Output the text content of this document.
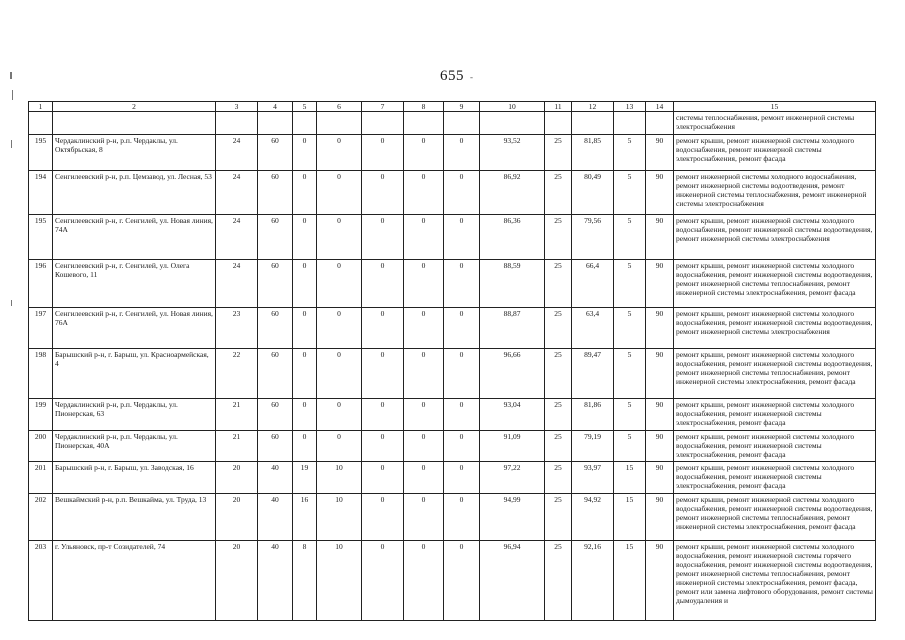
655 -
1	2	3	4	5	6	7	8	9	10	11	12	13	14	15
														системы теплоснабжения, ремонт инженерной системы электроснабжения
195	Чердаклинский р-н, р.п. Чердаклы, ул. Октябрьская, 8	24	60	0	0	0	0	0	93,52	25	81,85	5	90	ремонт крыши, ремонт инженерной системы холодного водоснабжения, ремонт инженерной системы электроснабжения, ремонт фасада
194	Сенгилеевский р-н, р.п. Цемзавод, ул. Лесная, 53	24	60	0	0	0	0	0	86,92	25	80,49	5	90	ремонт инженерной системы холодного водоснабжения, ремонт инженерной системы водоотведения, ремонт инженерной системы теплоснабжения, ремонт инженерной системы электроснабжения
195	Сенгилеевский р-н, г. Сенгилей, ул. Новая линия, 74А	24	60	0	0	0	0	0	86,36	25	79,56	5	90	ремонт крыши, ремонт инженерной системы холодного водоснабжения, ремонт инженерной системы водоотведения, ремонт инженерной системы электроснабжения
196	Сенгилеевский р-н, г. Сенгилей, ул. Олега Кошевого, 11	24	60	0	0	0	0	0	88,59	25	66,4	5	90	ремонт крыши, ремонт инженерной системы холодного водоснабжения, ремонт инженерной системы водоотведения, ремонт инженерной системы теплоснабжения, ремонт инженерной системы электроснабжения, ремонт фасада
197	Сенгилеевский р-н, г. Сенгилей, ул. Новая линия, 76А	23	60	0	0	0	0	0	88,87	25	63,4	5	90	ремонт крыши, ремонт инженерной системы холодного водоснабжения, ремонт инженерной системы водоотведения, ремонт инженерной системы электроснабжения
198	Барышский р-н, г. Барыш, ул. Красноармейская, 4	22	60	0	0	0	0	0	96,66	25	89,47	5	90	ремонт крыши, ремонт инженерной системы холодного водоснабжения, ремонт инженерной системы водоотведения, ремонт инженерной системы теплоснабжения, ремонт инженерной системы электроснабжения, ремонт фасада
199	Чердаклинский р-н, р.п. Чердаклы, ул. Пионерская, 63	21	60	0	0	0	0	0	93,04	25	81,86	5	90	ремонт крыши, ремонт инженерной системы холодного водоснабжения, ремонт инженерной системы электроснабжения, ремонт фасада
200	Чердаклинский р-н, р.п. Чердаклы, ул. Пионерская, 40А	21	60	0	0	0	0	0	91,09	25	79,19	5	90	ремонт крыши, ремонт инженерной системы холодного водоснабжения, ремонт инженерной системы электроснабжения, ремонт фасада
201	Барышский р-н, г. Барыш, ул. Заводская, 16	20	40	19	10	0	0	0	97,22	25	93,97	15	90	ремонт крыши, ремонт инженерной системы холодного водоснабжения, ремонт инженерной системы электроснабжения, ремонт фасада
202	Вешкаймский р-н, р.п. Вешкайма, ул. Труда, 13	20	40	16	10	0	0	0	94,99	25	94,92	15	90	ремонт крыши, ремонт инженерной системы холодного водоснабжения, ремонт инженерной системы водоотведения, ремонт инженерной системы теплоснабжения, ремонт инженерной системы электроснабжения, ремонт фасада
203	г. Ульяновск, пр-т Созидателей, 74	20	40	8	10	0	0	0	96,94	25	92,16	15	90	ремонт крыши, ремонт инженерной системы холодного водоснабжения, ремонт инженерной системы горячего водоснабжения, ремонт инженерной системы водоотведения, ремонт инженерной системы теплоснабжения, ремонт инженерной системы электроснабжения, ремонт фасада, ремонт или замена лифтового оборудования, ремонт системы дымоудаления и
